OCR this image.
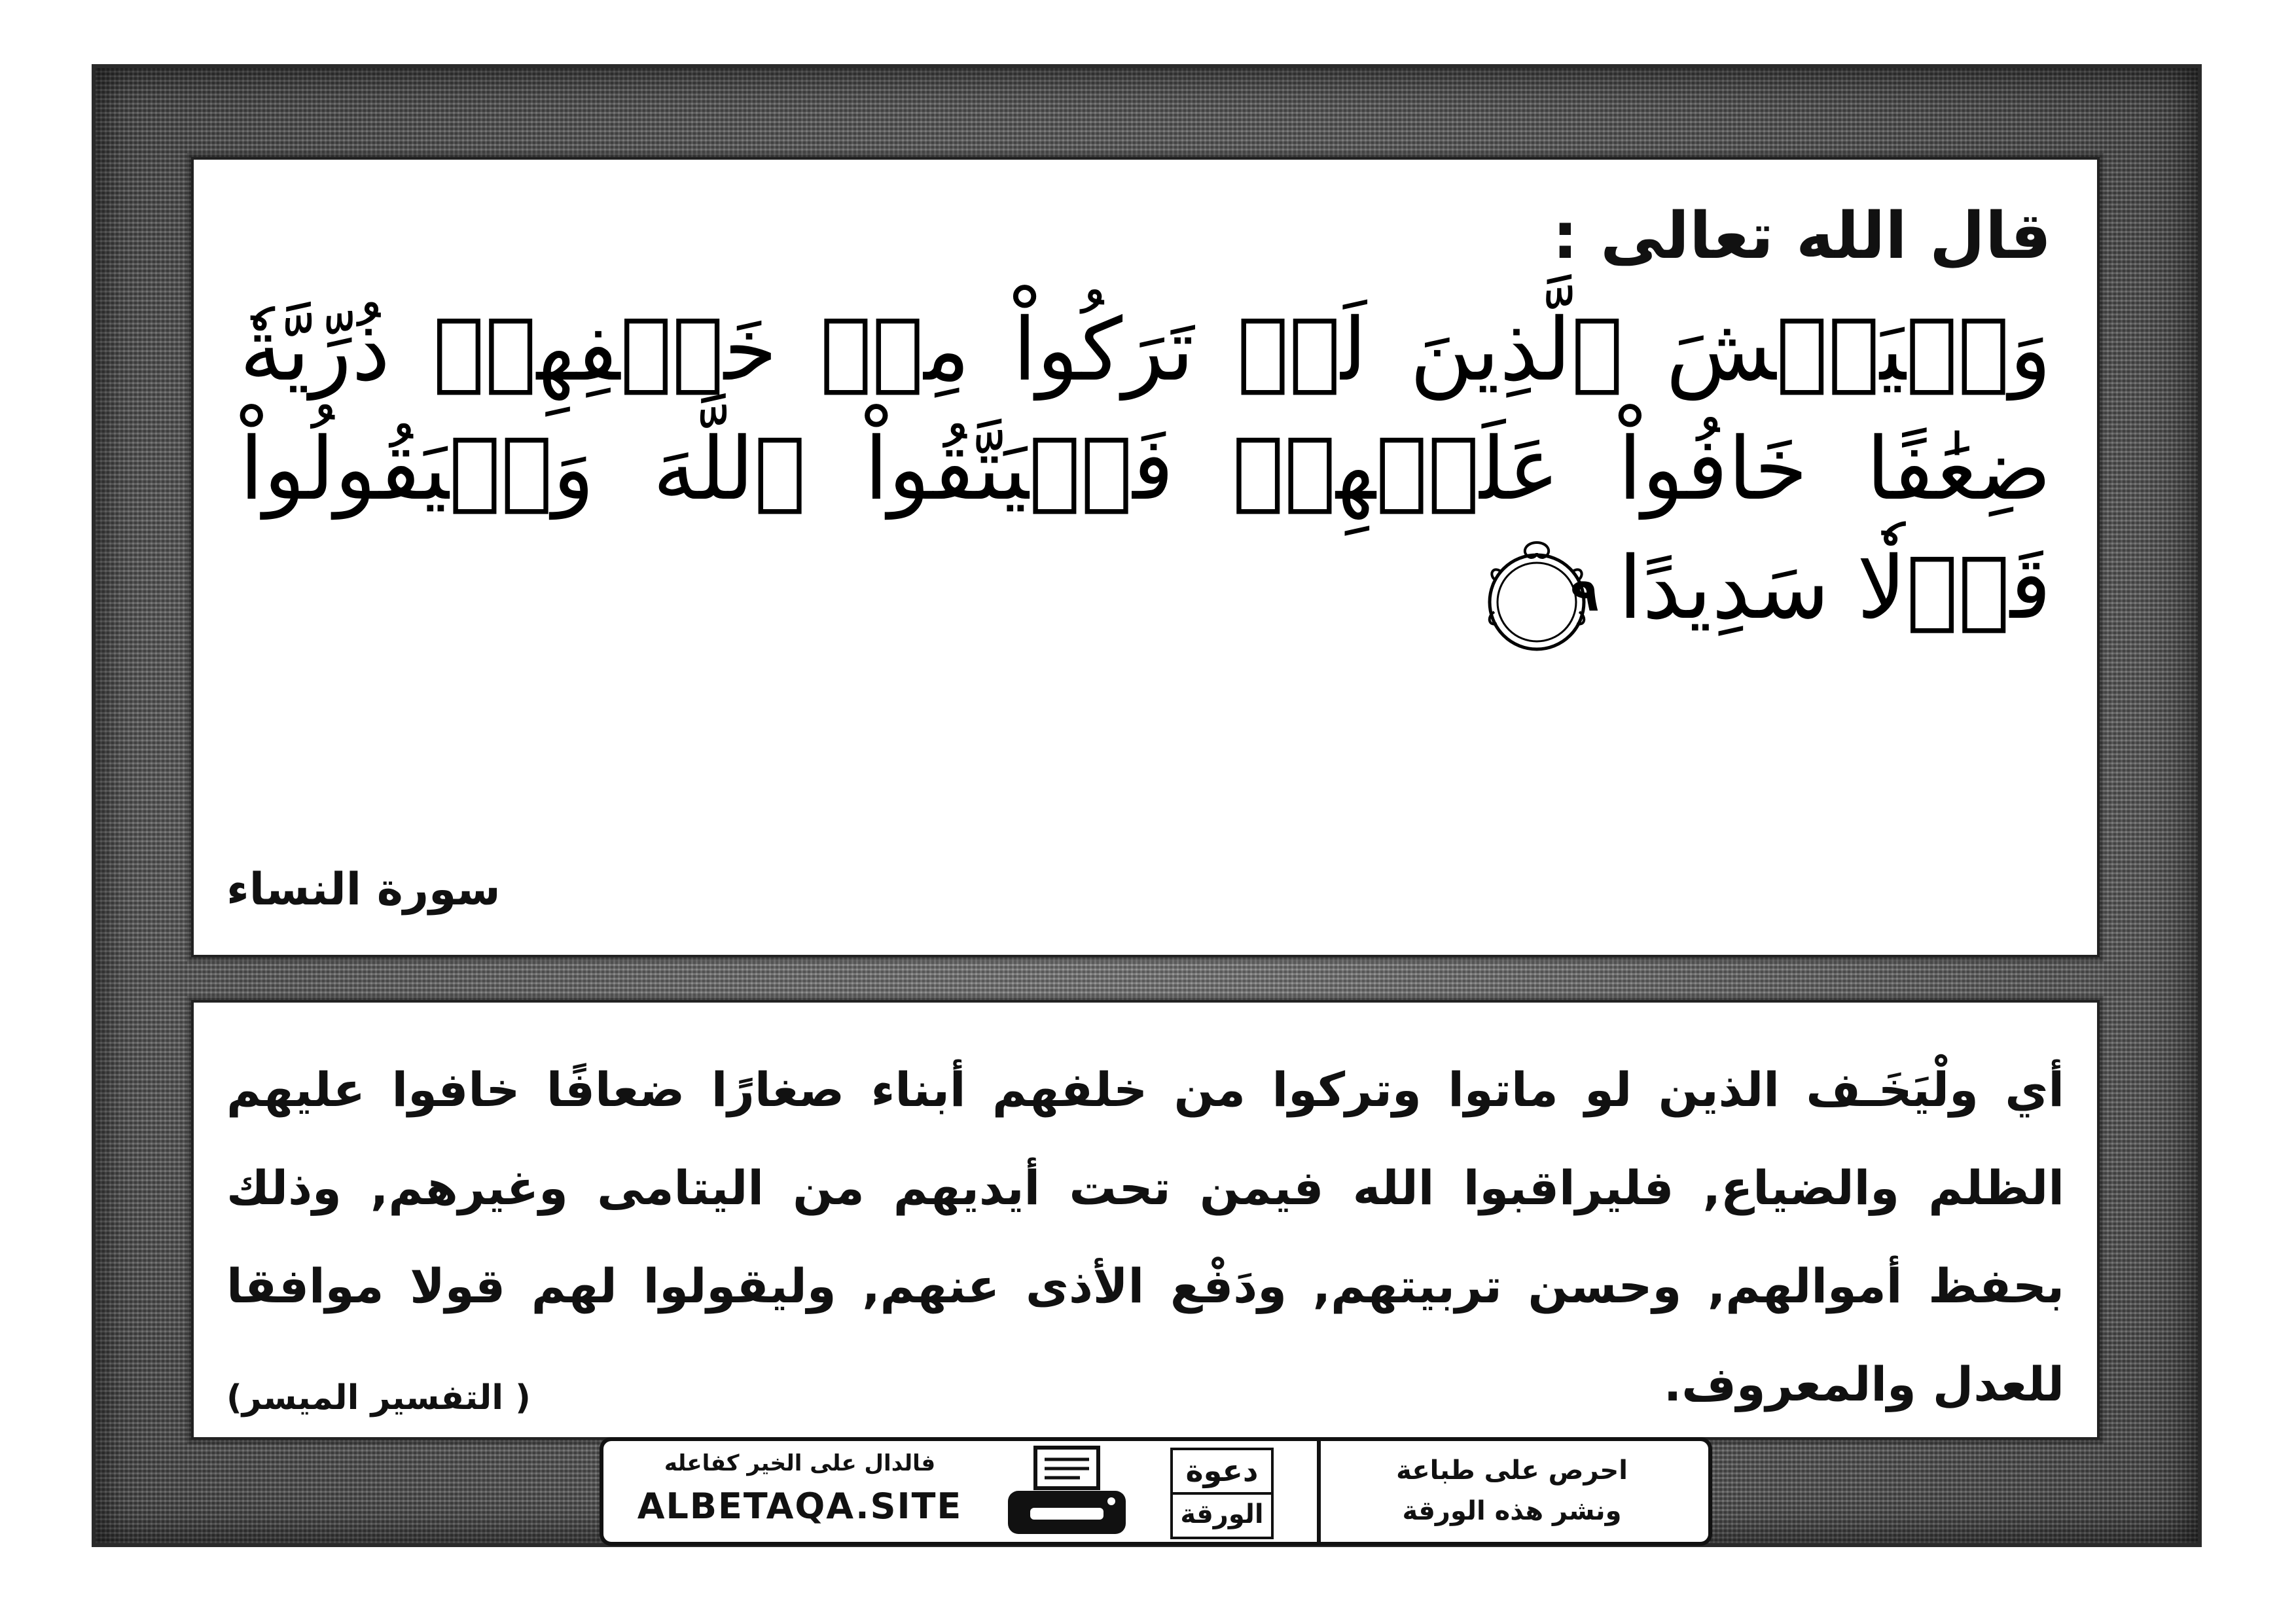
قال الله تعالى :
وَلۡيَخۡشَ ٱلَّذِينَ لَوۡ تَرَكُواْ مِنۡ خَلۡفِهِمۡ ذُرِّيَّةٗ
ضِعَٰفًا خَافُواْ عَلَيۡهِمۡ فَلۡيَتَّقُواْ ٱللَّهَ وَلۡيَقُولُواْ
قَوۡلٗا سَدِيدًا
٩
سورة النساء
أي ولْيَخَـف الذين لو ماتوا وتركوا من خلفهم أبناء صغارًا ضعافًا خافوا عليهم الظلم والضياع, فليراقبوا الله فيمن تحت أيديهم من اليتامى وغيرهم, وذلك بحفظ أموالهم, وحسن تربيتهم, ودَفْع الأذى عنهم, وليقولوا لهم قولا موافقا للعدل والمعروف.
( التفسير الميسر)
فالدال على الخير كفاعله
ALBETAQA.SITE
دعوة
الورقة
احرص على طباعة
ونشر هذه الورقة
